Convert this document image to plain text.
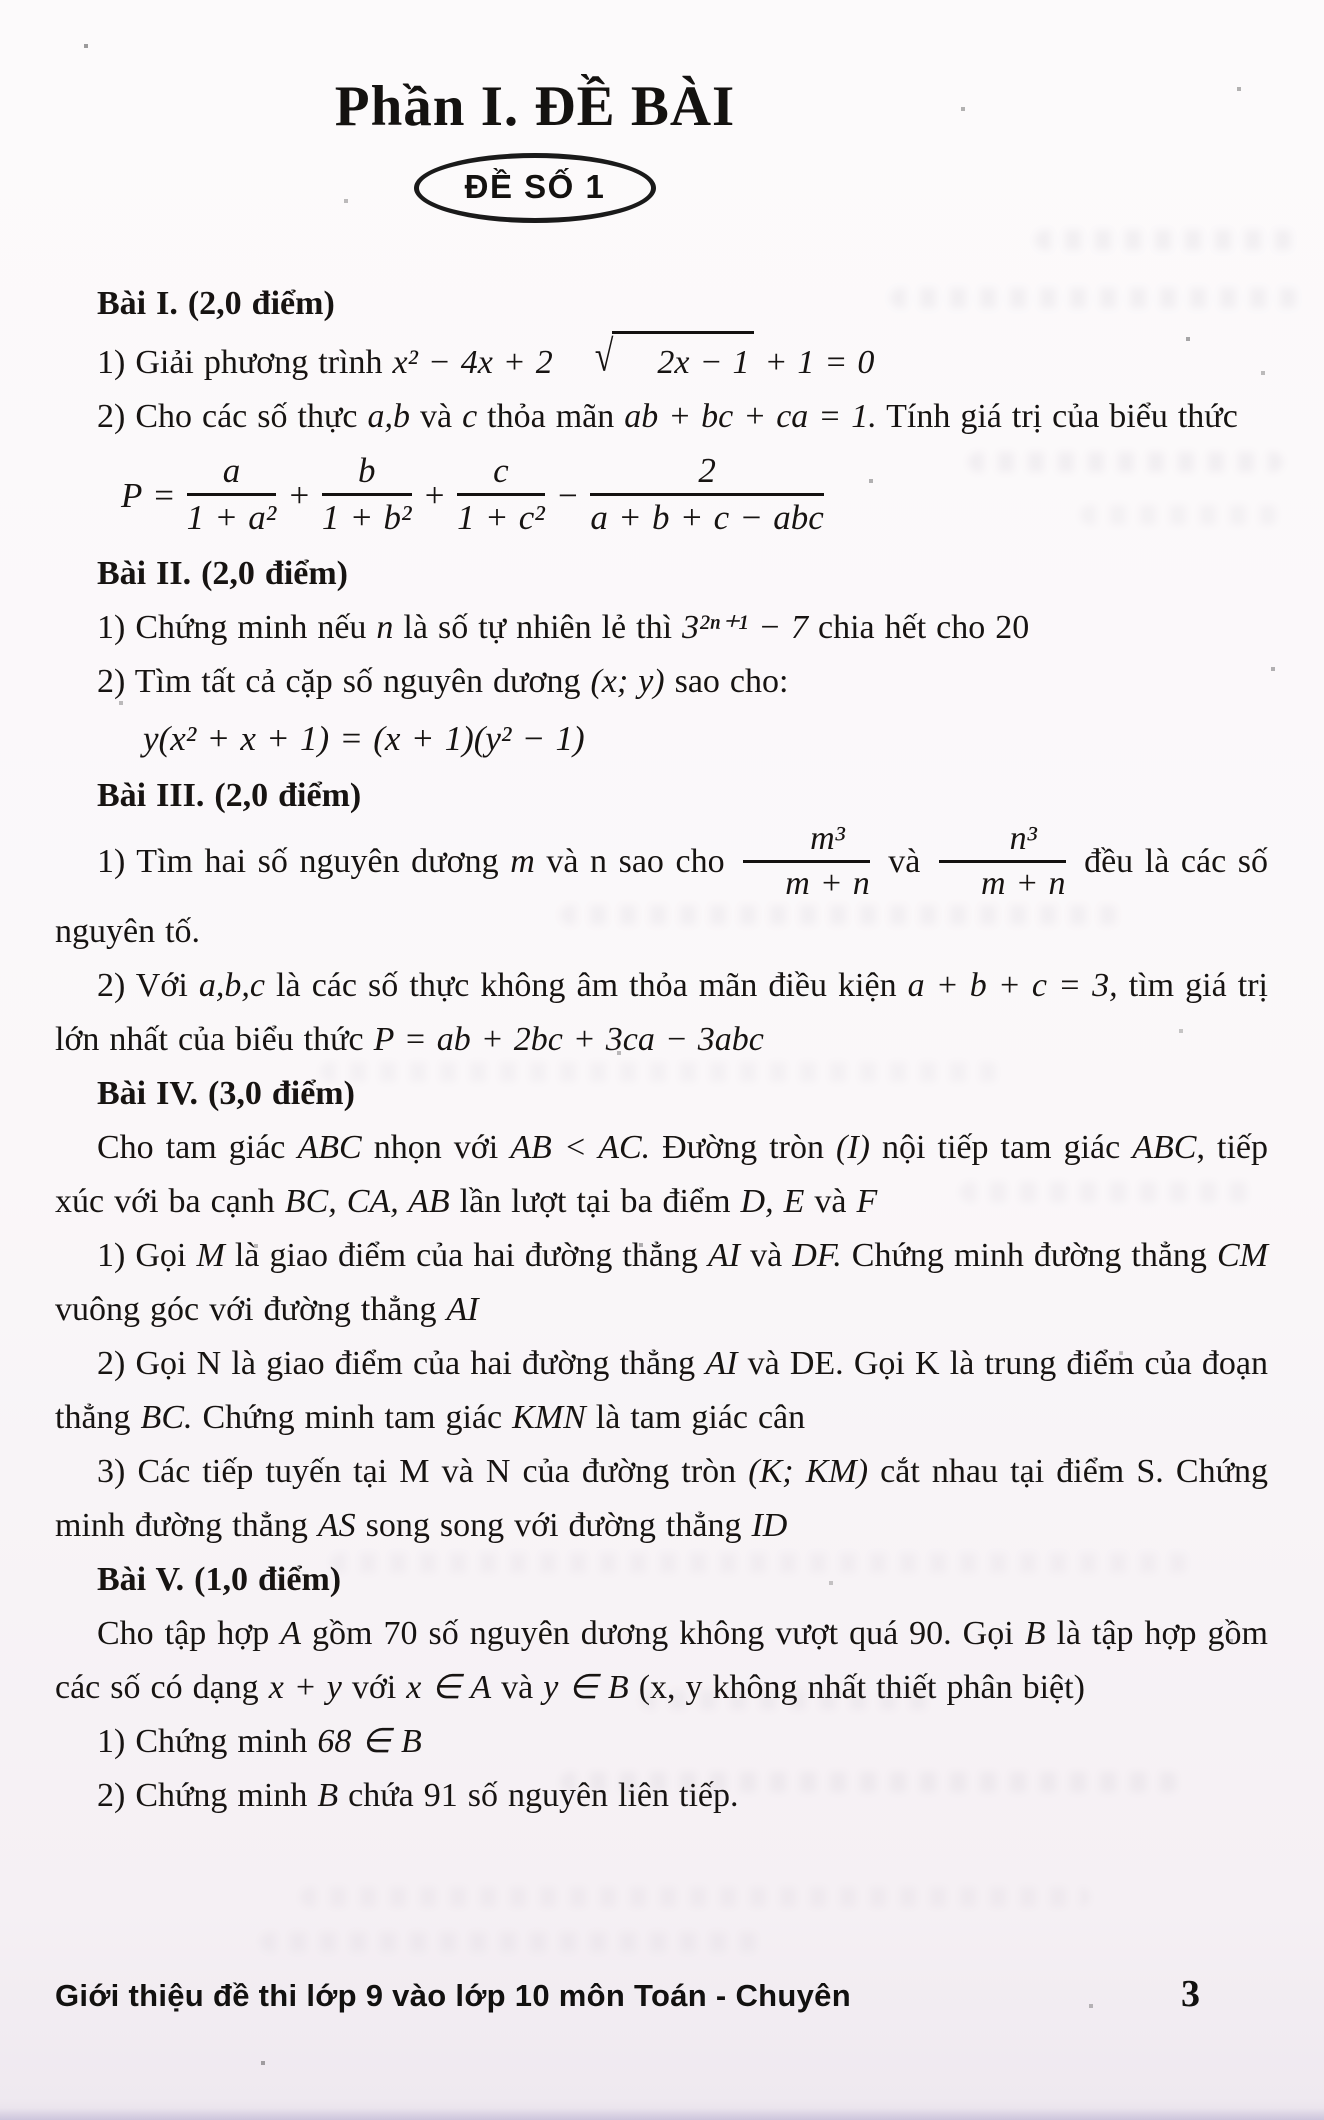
Phần I. ĐỀ BÀI
ĐỀ SỐ 1

Bài I. (2,0 điểm)

1) Giải phương trình x² − 4x + 2	√	2x − 1 + 1 = 0

2) Cho các số thực a,b và c thỏa mãn ab + bc + ca = 1. Tính giá trị của biểu thức

$P = \frac{a}{\text{1 + a²}} + \frac{b}{\text{1 + b²}} + \frac{c}{\text{1 + c²}} - \frac{2}{\text{a + b + c − abc}}$

Bài II. (2,0 điểm)

1) Chứng minh nếu n là số tự nhiên lẻ thì 3²ⁿ⁺¹ − 7 chia hết cho 20

2) Tìm tất cả cặp số nguyên dương (x; y) sao cho:

y(x² + x + 1) = (x + 1)(y² − 1)

Bài III. (2,0 điểm)

1) Tìm hai số nguyên dương m và n sao cho $\frac{\text{m³}}{m + n}$ và $\frac{\text{n³}}{m + n}$ đều là các số nguyên tố.

2) Với a,b,c là các số thực không âm thỏa mãn điều kiện a + b + c = 3, tìm giá trị lớn nhất của biểu thức P = ab + 2bc + 3ca − 3abc

Bài IV. (3,0 điểm)

Cho tam giác ABC nhọn với AB < AC. Đường tròn (I) nội tiếp tam giác ABC, tiếp xúc với ba cạnh BC, CA, AB lần lượt tại ba điểm D, E và F

1) Gọi M là giao điểm của hai đường thẳng AI và DF. Chứng minh đường thẳng CM vuông góc với đường thẳng AI

2) Gọi N là giao điểm của hai đường thẳng AI và DE. Gọi K là trung điểm của đoạn thẳng BC. Chứng minh tam giác KMN là tam giác cân

3) Các tiếp tuyến tại M và N của đường tròn (K; KM) cắt nhau tại điểm S. Chứng minh đường thẳng AS song song với đường thẳng ID

Bài V. (1,0 điểm)

Cho tập hợp A gồm 70 số nguyên dương không vượt quá 90. Gọi B là tập hợp gồm các số có dạng x + y với x ∈ A và y ∈ B (x, y không nhất thiết phân biệt)

1) Chứng minh 68 ∈ B

2) Chứng minh B chứa 91 số nguyên liên tiếp.

Giới thiệu đề thi lớp 9 vào lớp 10 môn Toán - Chuyên	3
